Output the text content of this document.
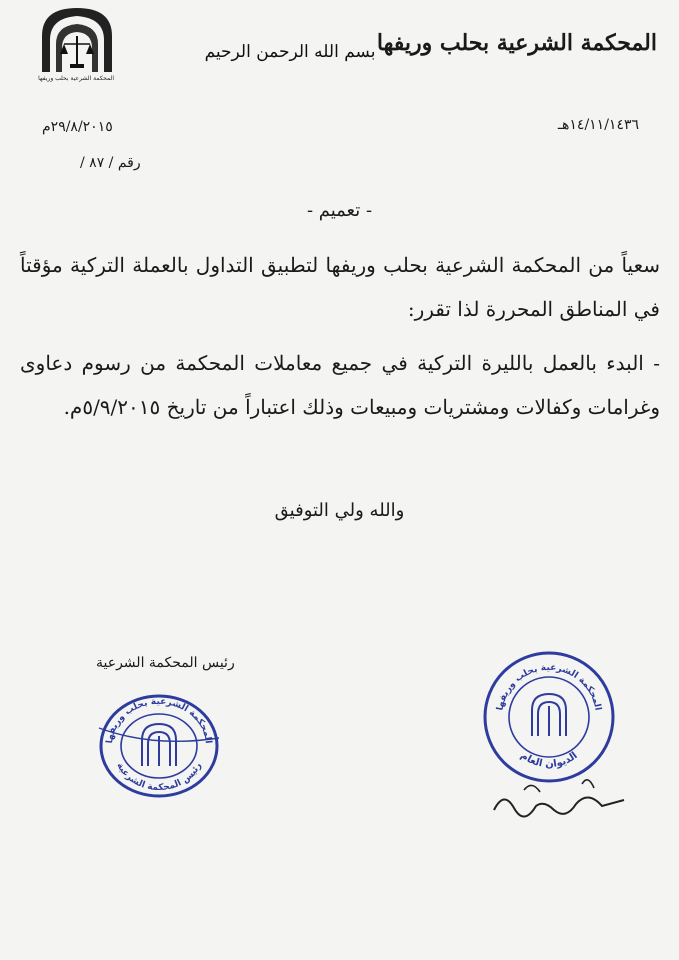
المحكمة الشرعية بحلب وريفها
بسم الله الرحمن الرحيم المحكمة الشرعية بحلب وريفها
١٤/١١/١٤٣٦هـ
٢٩/٨/٢٠١٥م
رقم / ٨٧ /
- تعميم -
سعياً من المحكمة الشرعية بحلب وريفها لتطبيق التداول بالعملة التركية مؤقتاً في المناطق المحررة لذا تقرر:
- البدء بالعمل بالليرة التركية في جميع معاملات المحكمة من رسوم دعاوى وغرامات وكفالات ومشتريات ومبيعات وذلك اعتباراً من تاريخ ٥/٩/٢٠١٥م.
والله ولي التوفيق
رئيس المحكمة الشرعية
المحكمة الشرعية بحلب وريفها
رئيس المحكمة الشرعية
المحكمة الشرعية بحلب وريفها
الديوان العام
